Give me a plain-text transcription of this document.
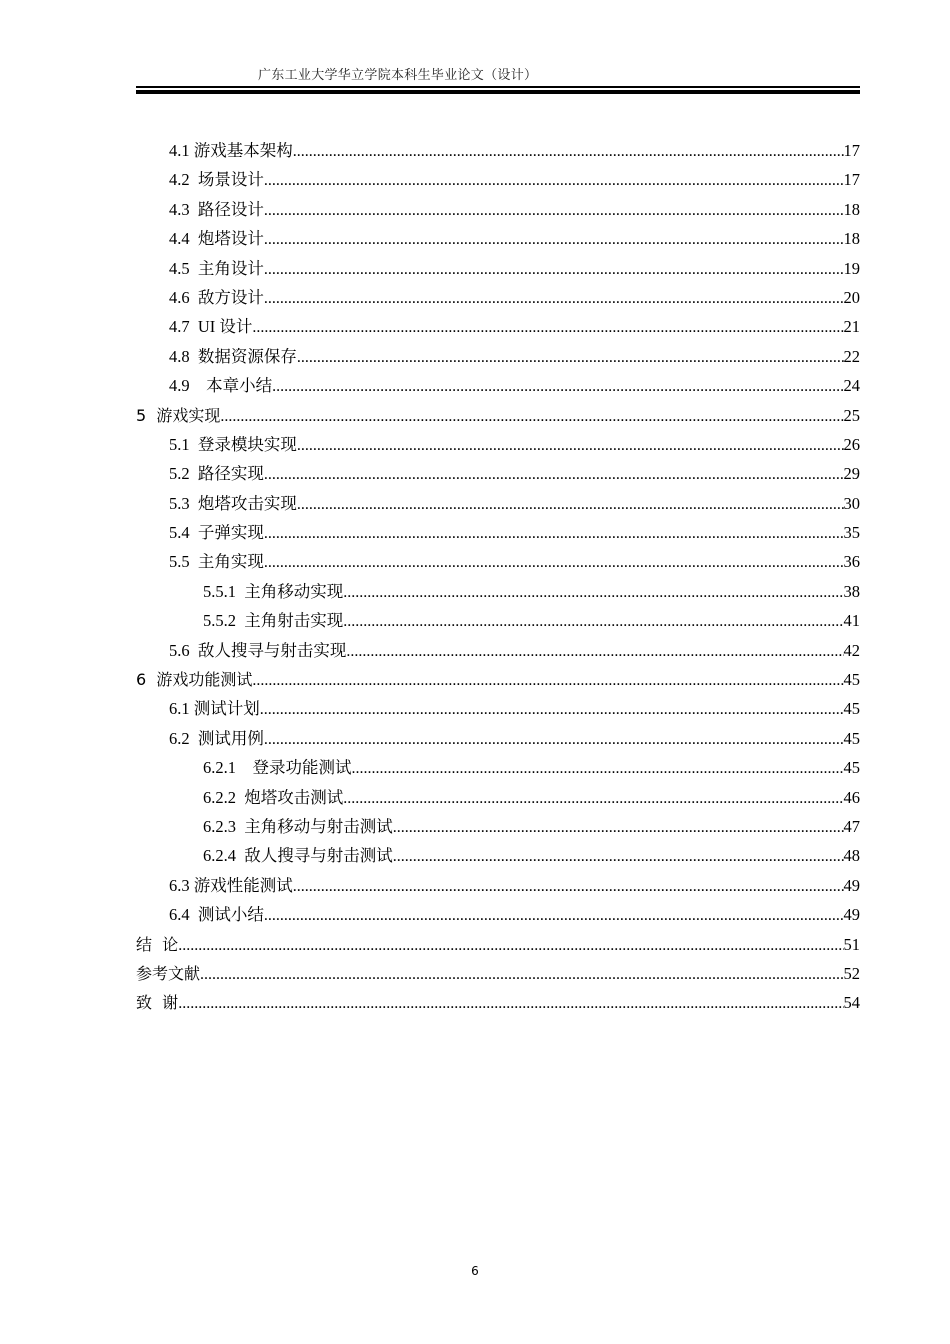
广东工业大学华立学院本科生毕业论文（设计）
4.1 游戏基本架构 .....	17
4.2  场景设计 .....	17
4.3  路径设计 .....	18
4.4  炮塔设计 .....	18
4.5  主角设计 .....	19
4.6  敌方设计 .....	20
4.7  UI 设计 .....	21
4.8  数据资源保存 .....	22
4.9    本章小结 .....	24
5  游戏实现 .....	25
5.1  登录模块实现 .....	26
5.2  路径实现 .....	29
5.3  炮塔攻击实现 .....	30
5.4  子弹实现 .....	35
5.5  主角实现 .....	36
5.5.1  主角移动实现 .....	38
5.5.2  主角射击实现 .....	41
5.6  敌人搜寻与射击实现 .....	42
6  游戏功能测试 .....	45
6.1 测试计划 .....	45
6.2  测试用例 .....	45
6.2.1    登录功能测试 .....	45
6.2.2  炮塔攻击测试 .....	46
6.2.3  主角移动与射击测试 .....	47
6.2.4  敌人搜寻与射击测试 .....	48
6.3 游戏性能测试 .....	49
6.4  测试小结 .....	49
结  论 .....	51
参考文献 .....	52
致  谢 .....	54
6
